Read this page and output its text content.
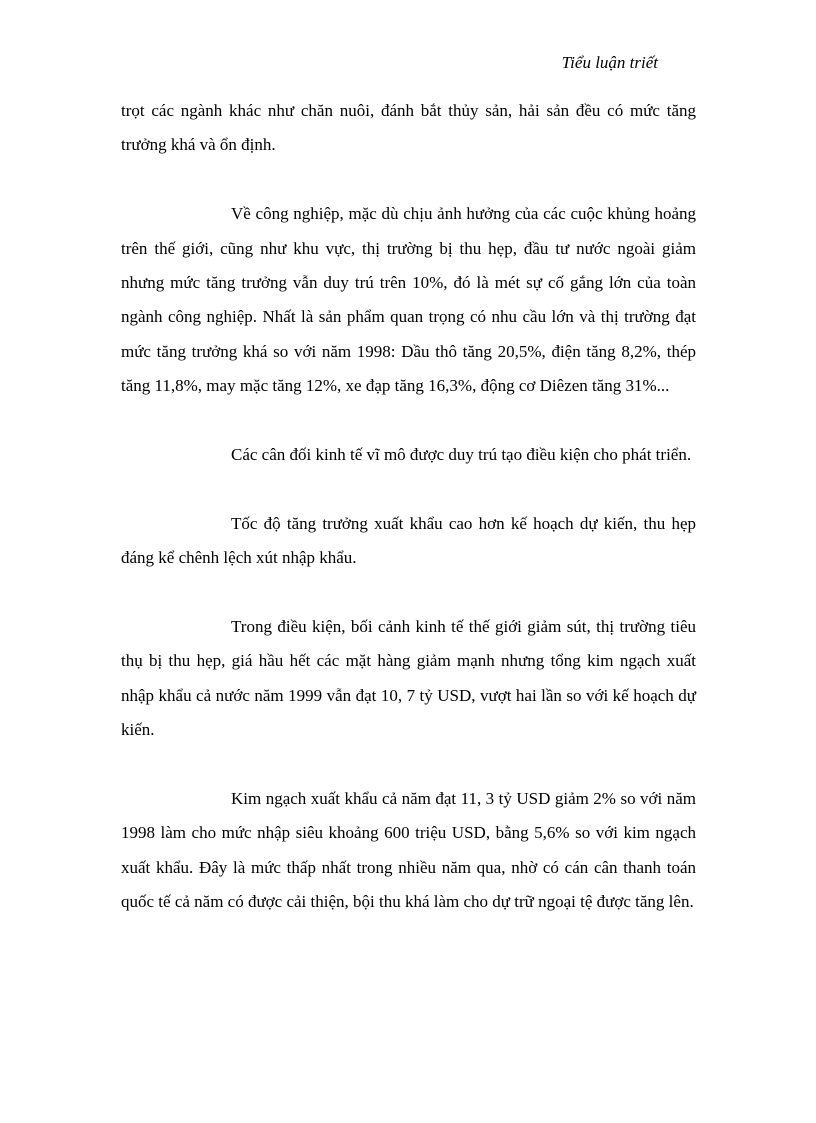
Tiểu luận triết

trọt các ngành khác như chăn nuôi, đánh bắt thủy sản, hải sản đều có mức tăng trưởng khá và ổn định.

Về công nghiệp, mặc dù chịu ảnh hưởng của các cuộc khủng hoảng trên thế giới, cũng như khu vực, thị trường bị thu hẹp, đầu tư nước ngoài giảm nhưng mức tăng trưởng vẫn duy trú trên 10%, đó là mét sự cố gắng lớn của toàn ngành công nghiệp. Nhất là sản phẩm quan trọng có nhu cầu lớn và thị trường đạt mức tăng trưởng khá so với năm 1998: Dầu thô tăng 20,5%, điện tăng 8,2%, thép tăng 11,8%, may mặc tăng 12%, xe đạp tăng 16,3%, động cơ Diêzen tăng 31%...

Các cân đối kinh tế vĩ mô được duy trú tạo điều kiện cho phát triển.

Tốc độ tăng trưởng xuất khẩu cao hơn kế hoạch dự kiến, thu hẹp đáng kể chênh lệch xút nhập khẩu.

Trong điều kiện, bối cảnh kinh tế thế giới giảm sút, thị trường tiêu thụ bị thu hẹp, giá hầu hết các mặt hàng giảm mạnh nhưng tổng kim ngạch xuất nhập khẩu cả nước năm 1999 vẫn đạt 10, 7 tỷ USD, vượt hai lần so với kế hoạch dự kiến.

Kim ngạch xuất khẩu cả năm đạt 11, 3 tỷ USD giảm 2% so với năm 1998 làm cho mức nhập siêu khoảng 600 triệu USD, bằng 5,6% so với kim ngạch xuất khẩu. Đây là mức thấp nhất trong nhiều năm qua, nhờ có cán cân thanh toán quốc tế cả năm có được cải thiện, bội thu khá làm cho dự trữ ngoại tệ được tăng lên.
